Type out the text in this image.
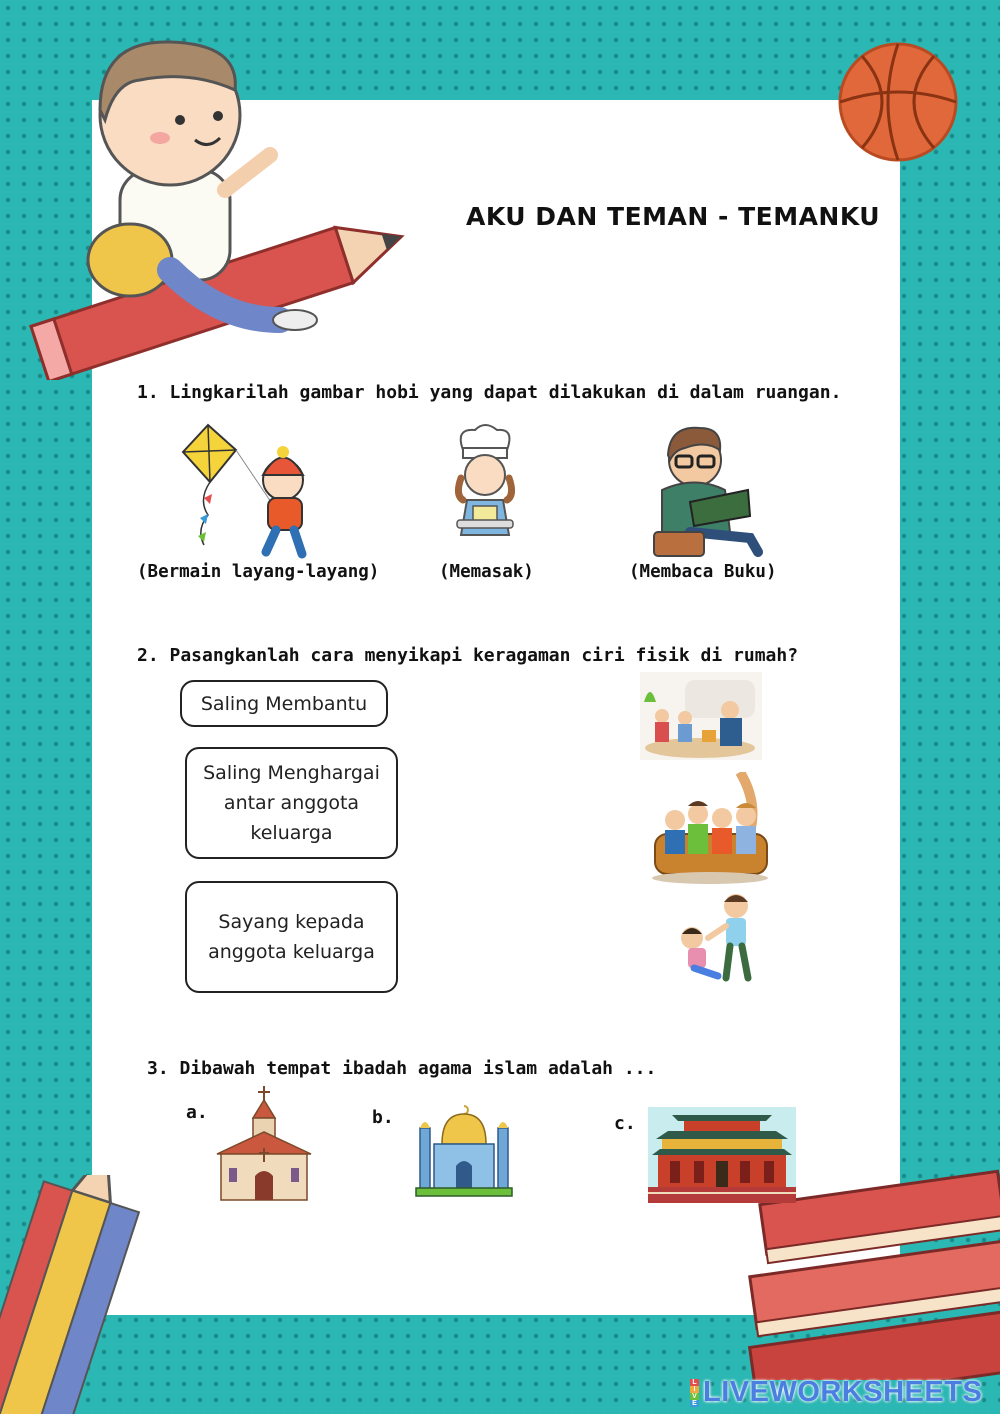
AKU DAN TEMAN - TEMANKU
1. Lingkarilah gambar hobi yang dapat dilakukan di dalam ruangan.
(Bermain layang-layang)	(Memasak)	(Membaca Buku)
2. Pasangkanlah cara menyikapi keragaman ciri fisik di rumah?
Saling Membantu
Saling Menghargai
antar anggota
keluarga
Sayang kepada
anggota keluarga
3. Dibawah tempat ibadah agama islam adalah ...
a.	b.	c.
L
I
V
E LIVEWORKSHEETS
